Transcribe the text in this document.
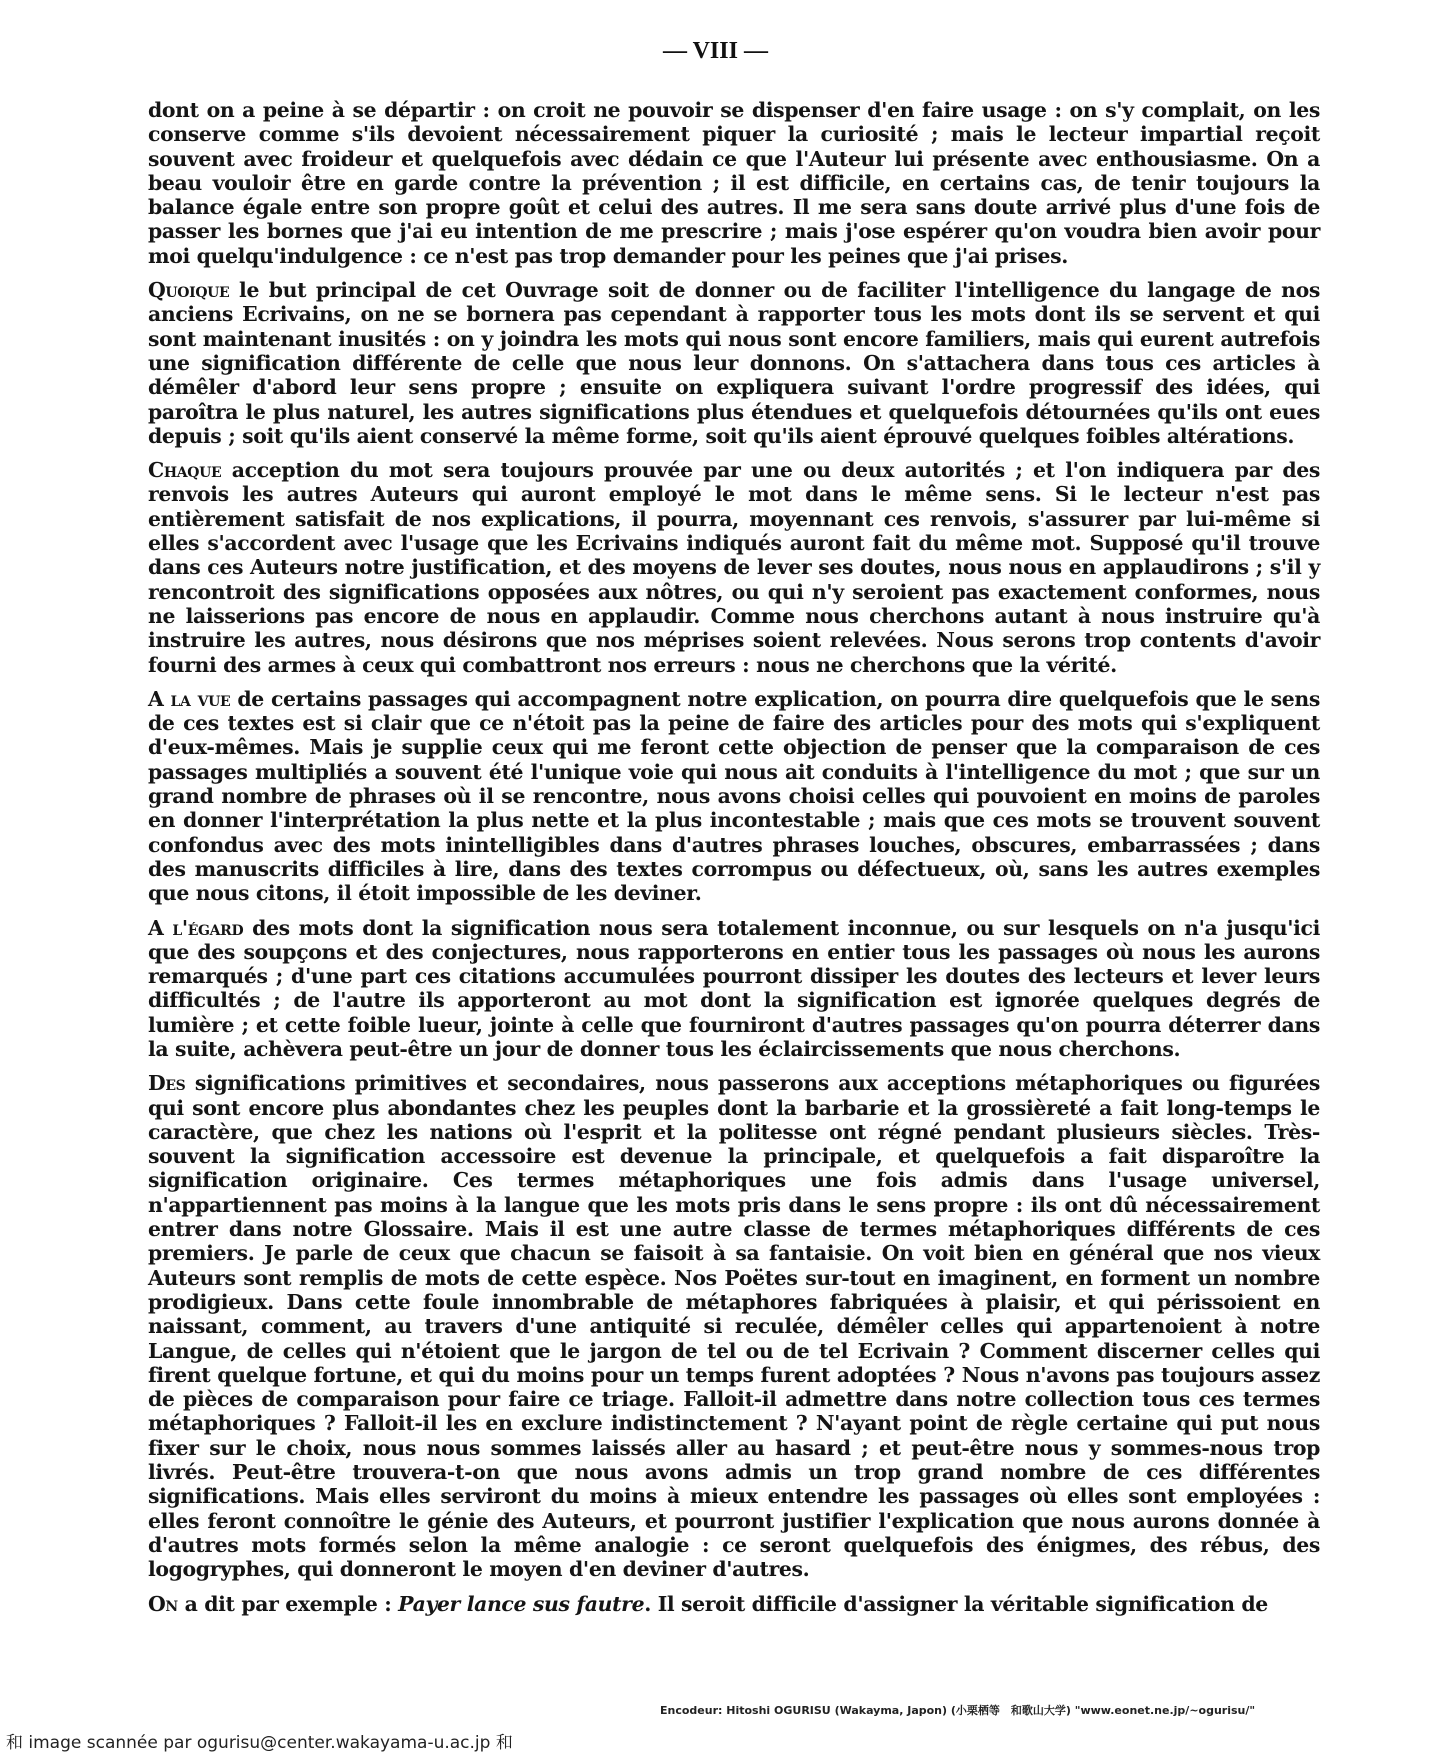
— VIII —

dont on a peine à se départir : on croit ne pouvoir se dispenser d'en faire usage : on s'y complait, on les conserve comme s'ils devoient nécessairement piquer la curiosité ; mais le lecteur impartial reçoit souvent avec froideur et quelquefois avec dédain ce que l'Auteur lui présente avec enthousiasme. On a beau vouloir être en garde contre la prévention ; il est difficile, en certains cas, de tenir toujours la balance égale entre son propre goût et celui des autres. Il me sera sans doute arrivé plus d'une fois de passer les bornes que j'ai eu intention de me prescrire ; mais j'ose espérer qu'on voudra bien avoir pour moi quelqu'indulgence : ce n'est pas trop demander pour les peines que j'ai prises.

Quoique le but principal de cet Ouvrage soit de donner ou de faciliter l'intelligence du langage de nos anciens Ecrivains, on ne se bornera pas cependant à rapporter tous les mots dont ils se servent et qui sont maintenant inusités : on y joindra les mots qui nous sont encore familiers, mais qui eurent autrefois une signification différente de celle que nous leur donnons. On s'attachera dans tous ces articles à démêler d'abord leur sens propre ; ensuite on expliquera suivant l'ordre progressif des idées, qui paroîtra le plus naturel, les autres significations plus étendues et quelquefois détournées qu'ils ont eues depuis ; soit qu'ils aient conservé la même forme, soit qu'ils aient éprouvé quelques foibles altérations.

Chaque acception du mot sera toujours prouvée par une ou deux autorités ; et l'on indiquera par des renvois les autres Auteurs qui auront employé le mot dans le même sens. Si le lecteur n'est pas entièrement satisfait de nos explications, il pourra, moyennant ces renvois, s'assurer par lui-même si elles s'accordent avec l'usage que les Ecrivains indiqués auront fait du même mot. Supposé qu'il trouve dans ces Auteurs notre justification, et des moyens de lever ses doutes, nous nous en applaudirons ; s'il y rencontroit des significations opposées aux nôtres, ou qui n'y seroient pas exactement conformes, nous ne laisserions pas encore de nous en applaudir. Comme nous cherchons autant à nous instruire qu'à instruire les autres, nous désirons que nos méprises soient relevées. Nous serons trop contents d'avoir fourni des armes à ceux qui combattront nos erreurs : nous ne cherchons que la vérité.

A la vue de certains passages qui accompagnent notre explication, on pourra dire quelquefois que le sens de ces textes est si clair que ce n'étoit pas la peine de faire des articles pour des mots qui s'expliquent d'eux-mêmes. Mais je supplie ceux qui me feront cette objection de penser que la comparaison de ces passages multipliés a souvent été l'unique voie qui nous ait conduits à l'intelligence du mot ; que sur un grand nombre de phrases où il se rencontre, nous avons choisi celles qui pouvoient en moins de paroles en donner l'interprétation la plus nette et la plus incontestable ; mais que ces mots se trouvent souvent confondus avec des mots inintelligibles dans d'autres phrases louches, obscures, embarrassées ; dans des manuscrits difficiles à lire, dans des textes corrompus ou défectueux, où, sans les autres exemples que nous citons, il étoit impossible de les deviner.

A l'égard des mots dont la signification nous sera totalement inconnue, ou sur lesquels on n'a jusqu'ici que des soupçons et des conjectures, nous rapporterons en entier tous les passages où nous les aurons remarqués ; d'une part ces citations accumulées pourront dissiper les doutes des lecteurs et lever leurs difficultés ; de l'autre ils apporteront au mot dont la signification est ignorée quelques degrés de lumière ; et cette foible lueur, jointe à celle que fourniront d'autres passages qu'on pourra déterrer dans la suite, achèvera peut-être un jour de donner tous les éclaircissements que nous cherchons.

Des significations primitives et secondaires, nous passerons aux acceptions métaphoriques ou figurées qui sont encore plus abondantes chez les peuples dont la barbarie et la grossièreté a fait long-temps le caractère, que chez les nations où l'esprit et la politesse ont régné pendant plusieurs siècles. Très-souvent la signification accessoire est devenue la principale, et quelquefois a fait disparoître la signification originaire. Ces termes métaphoriques une fois admis dans l'usage universel, n'appartiennent pas moins à la langue que les mots pris dans le sens propre : ils ont dû nécessairement entrer dans notre Glossaire. Mais il est une autre classe de termes métaphoriques différents de ces premiers. Je parle de ceux que chacun se faisoit à sa fantaisie. On voit bien en général que nos vieux Auteurs sont remplis de mots de cette espèce. Nos Poëtes sur-tout en imaginent, en forment un nombre prodigieux. Dans cette foule innombrable de métaphores fabriquées à plaisir, et qui périssoient en naissant, comment, au travers d'une antiquité si reculée, démêler celles qui appartenoient à notre Langue, de celles qui n'étoient que le jargon de tel ou de tel Ecrivain ? Comment discerner celles qui firent quelque fortune, et qui du moins pour un temps furent adoptées ? Nous n'avons pas toujours assez de pièces de comparaison pour faire ce triage. Falloit-il admettre dans notre collection tous ces termes métaphoriques ? Falloit-il les en exclure indistinctement ? N'ayant point de règle certaine qui put nous fixer sur le choix, nous nous sommes laissés aller au hasard ; et peut-être nous y sommes-nous trop livrés. Peut-être trouvera-t-on que nous avons admis un trop grand nombre de ces différentes significations. Mais elles serviront du moins à mieux entendre les passages où elles sont employées : elles feront connoître le génie des Auteurs, et pourront justifier l'explication que nous aurons donnée à d'autres mots formés selon la même analogie : ce seront quelquefois des énigmes, des rébus, des logogryphes, qui donneront le moyen d'en deviner d'autres.

On a dit par exemple : Payer lance sus fautre. Il seroit difficile d'assigner la véritable signification de

Encodeur: Hitoshi OGURISU (Wakayma, Japon) (小栗栖等　和歌山大学) "www.eonet.ne.jp/~ogurisu/"
和 image scannée par ogurisu@center.wakayama-u.ac.jp 和
